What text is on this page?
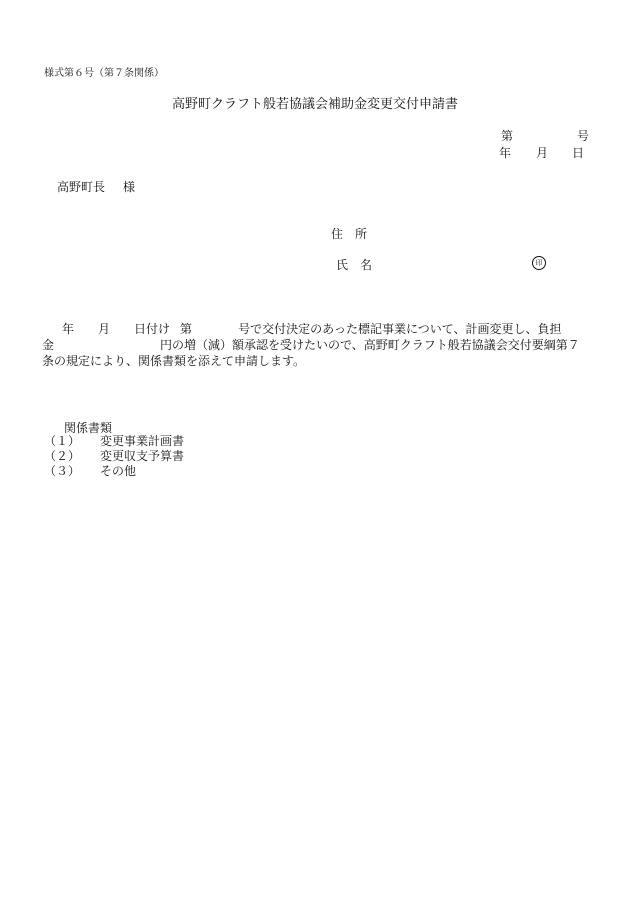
様式第６号（第７条関係）
高野町クラフト般若協議会補助金変更交付申請書
第	号
年 月 日
高野町長 様
住　所
氏　名	印
年 月 日付け 第	号で交付決定のあった標記事業について、計画変更し、負担
金	円の増（減）額承認を受けたいので、高野町クラフト般若協議会交付要綱第７
条の規定により、関係書類を添えて申請します。
関係書類
（１）	変更事業計画書
（２）	変更収支予算書
（３）	その他
